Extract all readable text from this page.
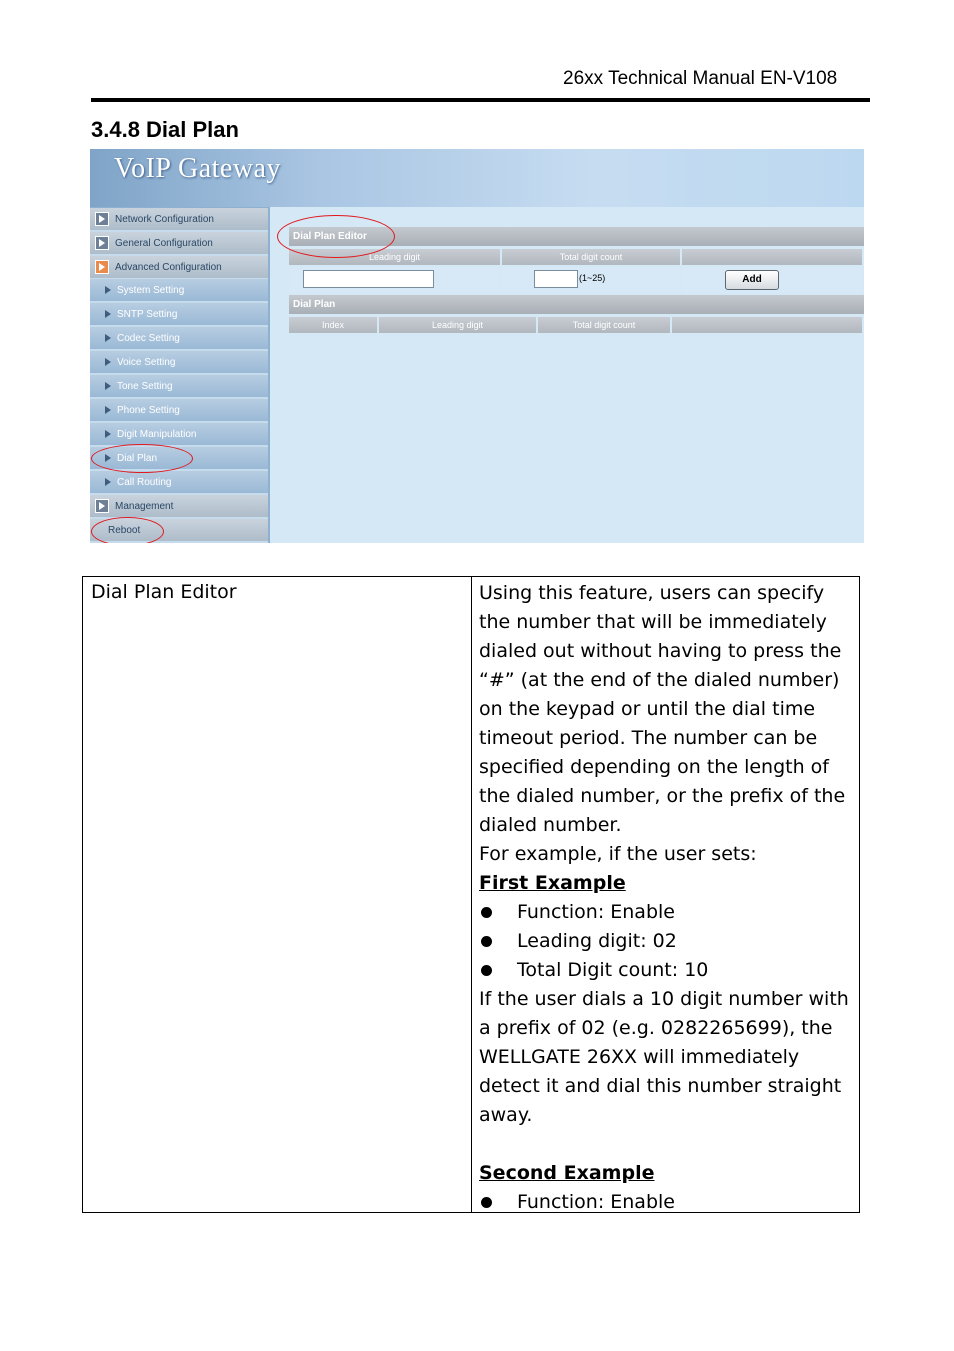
26xx Technical Manual EN-V108
3.4.8 Dial Plan
VoIP Gateway
Network Configuration
General Configuration
Advanced Configuration
System Setting
SNTP Setting
Codec Setting
Voice Setting
Tone Setting
Phone Setting
Digit Manipulation
Dial Plan
Call Routing
Management
Reboot
Dial Plan Editor
Leading digit	Total digit count
(1~25)	Add
Dial Plan
Index	Leading digit	Total digit count
Dial Plan Editor	Using this feature, users can specify the number that will be immediately dialed out without having to press the “#” (at the end of the dialed number) on the keypad or until the dial time timeout period. The number can be specified depending on the length of the dialed number, or the prefix of the dialed number.

For example, if the user sets:

First Example

Function: Enable

Leading digit: 02

Total Digit count: 10

If the user dials a 10 digit number with a prefix of 02 (e.g. 0282265699), the WELLGATE 26XX will immediately detect it and dial this number straight away.

Second Example

Function: Enable
